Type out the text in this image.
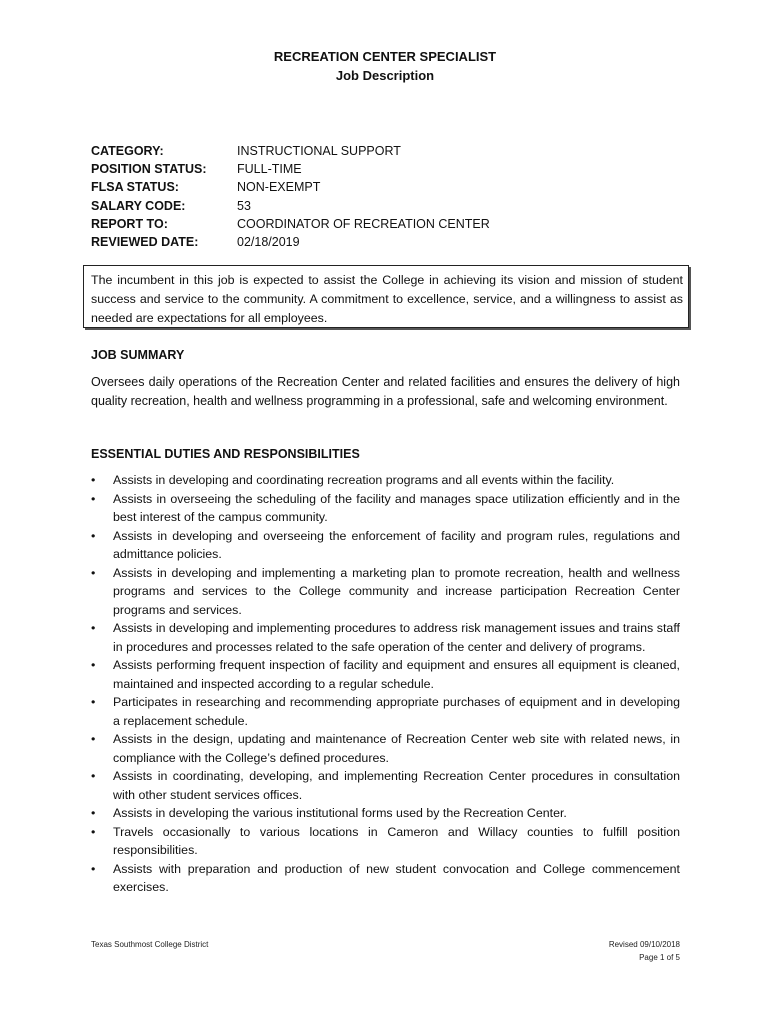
RECREATION CENTER SPECIALIST
Job Description
CATEGORY:	INSTRUCTIONAL SUPPORT
POSITION STATUS:	FULL-TIME
FLSA STATUS:	NON-EXEMPT
SALARY CODE:	53
REPORT TO:	COORDINATOR OF RECREATION CENTER
REVIEWED DATE:	02/18/2019
The incumbent in this job is expected to assist the College in achieving its vision and mission of student success and service to the community. A commitment to excellence, service, and a willingness to assist as needed are expectations for all employees.
JOB SUMMARY
Oversees daily operations of the Recreation Center and related facilities and ensures the delivery of high quality recreation, health and wellness programming in a professional, safe and welcoming environment.
ESSENTIAL DUTIES AND RESPONSIBILITIES
• Assists in developing and coordinating recreation programs and all events within the facility.
• Assists in overseeing the scheduling of the facility and manages space utilization efficiently and in the best interest of the campus community.
• Assists in developing and overseeing the enforcement of facility and program rules, regulations and admittance policies.
• Assists in developing and implementing a marketing plan to promote recreation, health and wellness programs and services to the College community and increase participation Recreation Center programs and services.
• Assists in developing and implementing procedures to address risk management issues and trains staff in procedures and processes related to the safe operation of the center and delivery of programs.
• Assists performing frequent inspection of facility and equipment and ensures all equipment is cleaned, maintained and inspected according to a regular schedule.
• Participates in researching and recommending appropriate purchases of equipment and in developing a replacement schedule.
• Assists in the design, updating and maintenance of Recreation Center web site with related news, in compliance with the College’s defined procedures.
• Assists in coordinating, developing, and implementing Recreation Center procedures in consultation with other student services offices.
• Assists in developing the various institutional forms used by the Recreation Center.
• Travels occasionally to various locations in Cameron and Willacy counties to fulfill position responsibilities.
• Assists with preparation and production of new student convocation and College commencement exercises.
Texas Southmost College District	Revised 09/10/2018
Page 1 of 5
